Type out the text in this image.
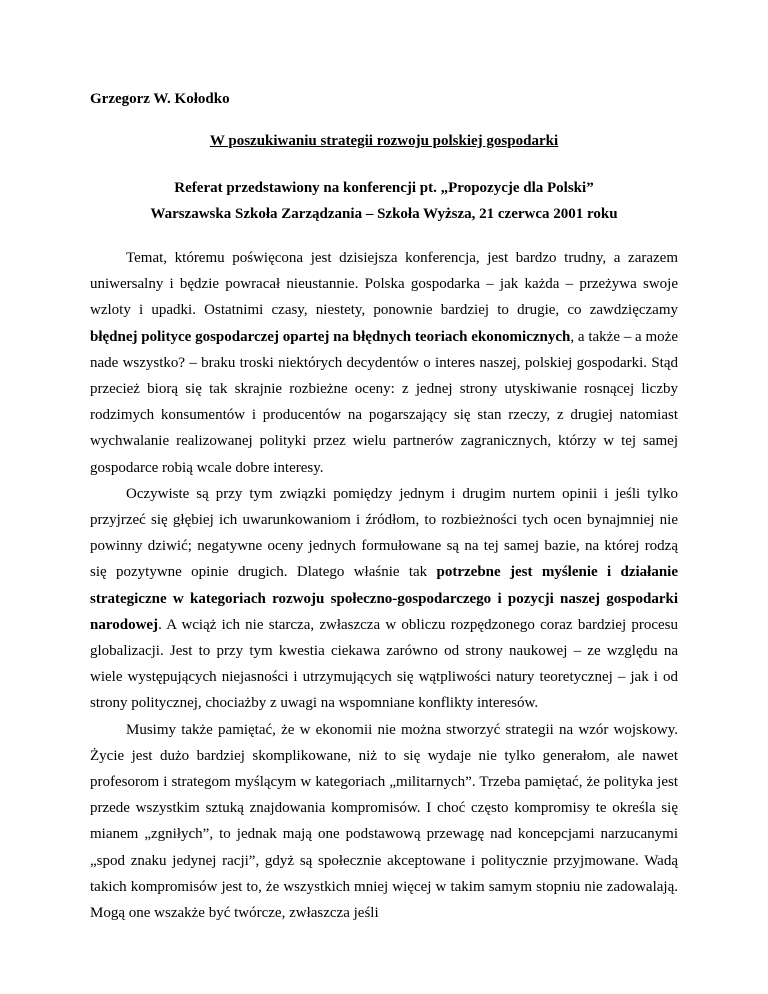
Grzegorz W. Kołodko
W poszukiwaniu strategii rozwoju polskiej gospodarki
Referat przedstawiony na konferencji pt. „Propozycje dla Polski”
Warszawska Szkoła Zarządzania – Szkoła Wyższa, 21 czerwca 2001 roku

Temat, któremu poświęcona jest dzisiejsza konferencja, jest bardzo trudny, a zarazem uniwersalny i będzie powracał nieustannie. Polska gospodarka – jak każda – przeżywa swoje wzloty i upadki. Ostatnimi czasy, niestety, ponownie bardziej to drugie, co zawdzięczamy błędnej polityce gospodarczej opartej na błędnych teoriach ekonomicznych, a także – a może nade wszystko? – braku troski niektórych decydentów o interes naszej, polskiej gospodarki. Stąd przecież biorą się tak skrajnie rozbieżne oceny: z jednej strony utyskiwanie rosnącej liczby rodzimych konsumentów i producentów na pogarszający się stan rzeczy, z drugiej natomiast wychwalanie realizowanej polityki przez wielu partnerów zagranicznych, którzy w tej samej gospodarce robią wcale dobre interesy.

Oczywiste są przy tym związki pomiędzy jednym i drugim nurtem opinii i jeśli tylko przyjrzeć się głębiej ich uwarunkowaniom i źródłom, to rozbieżności tych ocen bynajmniej nie powinny dziwić; negatywne oceny jednych formułowane są na tej samej bazie, na której rodzą się pozytywne opinie drugich. Dlatego właśnie tak potrzebne jest myślenie i działanie strategiczne w kategoriach rozwoju społeczno-gospodarczego i pozycji naszej gospodarki narodowej. A wciąż ich nie starcza, zwłaszcza w obliczu rozpędzonego coraz bardziej procesu globalizacji. Jest to przy tym kwestia ciekawa zarówno od strony naukowej – ze względu na wiele występujących niejasności i utrzymujących się wątpliwości natury teoretycznej – jak i od strony politycznej, chociażby z uwagi na wspomniane konflikty interesów.

Musimy także pamiętać, że w ekonomii nie można stworzyć strategii na wzór wojskowy. Życie jest dużo bardziej skomplikowane, niż to się wydaje nie tylko generałom, ale nawet profesorom i strategom myślącym w kategoriach „militarnych”. Trzeba pamiętać, że polityka jest przede wszystkim sztuką znajdowania kompromisów. I choć często kompromisy te określa się mianem „zgniłych”, to jednak mają one podstawową przewagę nad koncepcjami narzucanymi „spod znaku jedynej racji”, gdyż są społecznie akceptowane i politycznie przyjmowane. Wadą takich kompromisów jest to, że wszystkich mniej więcej w takim samym stopniu nie zadowalają. Mogą one wszakże być twórcze, zwłaszcza jeśli
